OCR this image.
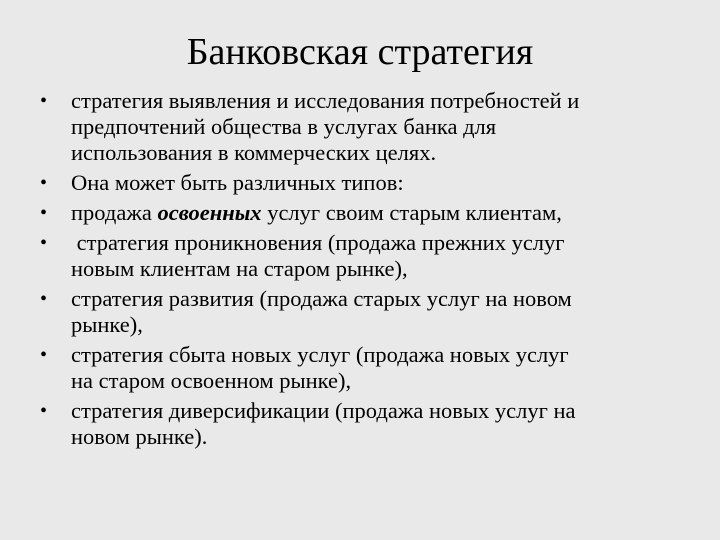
Банковская стратегия
• стратегия выявления и исследования потребностей и
предпочтений общества в услугах банка для
использования в коммерческих целях.
• Она может быть различных типов:
• продажа освоенных услуг своим старым клиентам,
• стратегия проникновения (продажа прежних услуг
новым клиентам на старом рынке),
• стратегия развития (продажа старых услуг на новом
рынке),
• стратегия сбыта новых услуг (продажа новых услуг
на старом освоенном рынке),
• стратегия диверсификации (продажа новых услуг на
новом рынке).
